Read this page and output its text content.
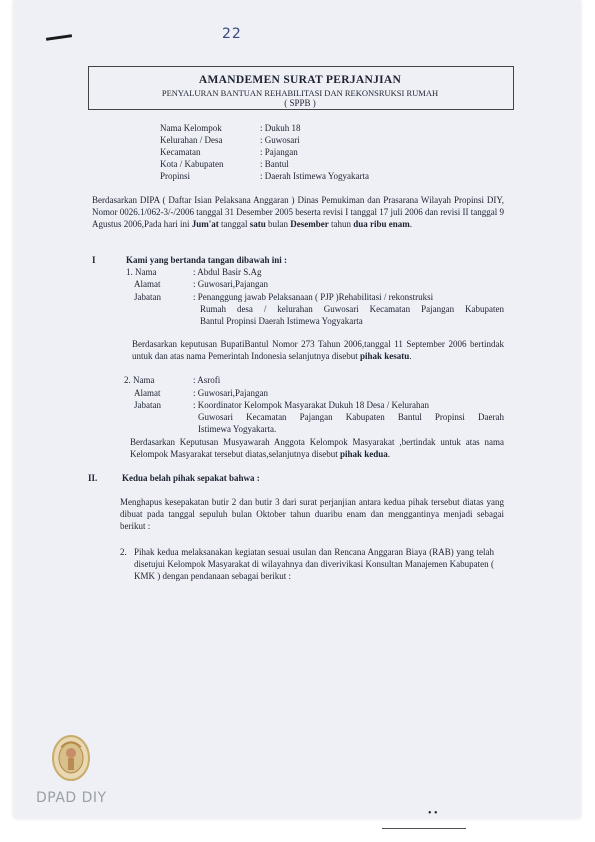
22
AMANDEMEN SURAT PERJANJIAN
PENYALURAN BANTUAN REHABILITASI DAN REKONSRUKSI RUMAH
( SPPB )
Nama Kelompok	: Dukuh 18
Kelurahan / Desa	: Guwosari
Kecamatan	: Pajangan
Kota / Kabupaten	: Bantul
Propinsi	: Daerah Istimewa Yogyakarta
Berdasarkan DIPA ( Daftar Isian Pelaksana Anggaran ) Dinas Pemukiman dan Prasarana Wilayah Propinsi DIY, Nomor 0026.1/062-3/-/2006 tanggal 31 Desember 2005 beserta revisi I tanggal 17 juli 2006 dan revisi II tanggal 9 Agustus 2006,Pada hari ini Jum'at tanggal satu bulan Desember tahun dua ribu enam.
I	Kami yang bertanda tangan dibawah ini :
1. Nama	: Abdul Basir S.Ag
Alamat	: Guwosari,Pajangan
Jabatan	: Penanggung jawab Pelaksanaan ( PJP )Rehabilitasi / rekonstruksi
Rumah desa / kelurahan Guwosari Kecamatan Pajangan Kabupaten
Bantul Propinsi Daerah Istimewa Yogyakarta
Berdasarkan keputusan BupatiBantul Nomor 273 Tahun 2006,tanggal 11 September 2006 bertindak untuk dan atas nama Pemerintah Indonesia selanjutnya disebut pihak kesatu.
2. Nama	: Asrofi
Alamat	: Guwosari,Pajangan
Jabatan	: Koordinator Kelompok Masyarakat Dukuh 18 Desa / Kelurahan
Guwosari Kecamatan Pajangan Kabupaten Bantul Propinsi Daerah
Istimewa Yogyakarta.
Berdasarkan Keputusan Musyawarah Anggota Kelompok Masyarakat ,bertindak untuk atas nama Kelompok Masyarakat tersebut diatas,selanjutnya disebut pihak kedua.
II.	Kedua belah pihak sepakat bahwa :
Menghapus kesepakatan butir 2 dan butir 3 dari surat perjanjian antara kedua pihak tersebut diatas yang dibuat pada tanggal sepuluh bulan Oktober tahun duaribu enam dan menggantinya menjadi sebagai berikut :
2. Pihak kedua melaksanakan kegiatan sesuai usulan dan Rencana Anggaran Biaya (RAB) yang telah disetujui Kelompok Masyarakat di wilayahnya dan diverivikasi Konsultan Manajemen Kabupaten ( KMK ) dengan pendanaan sebagai berikut :
DPAD DIY
• •
